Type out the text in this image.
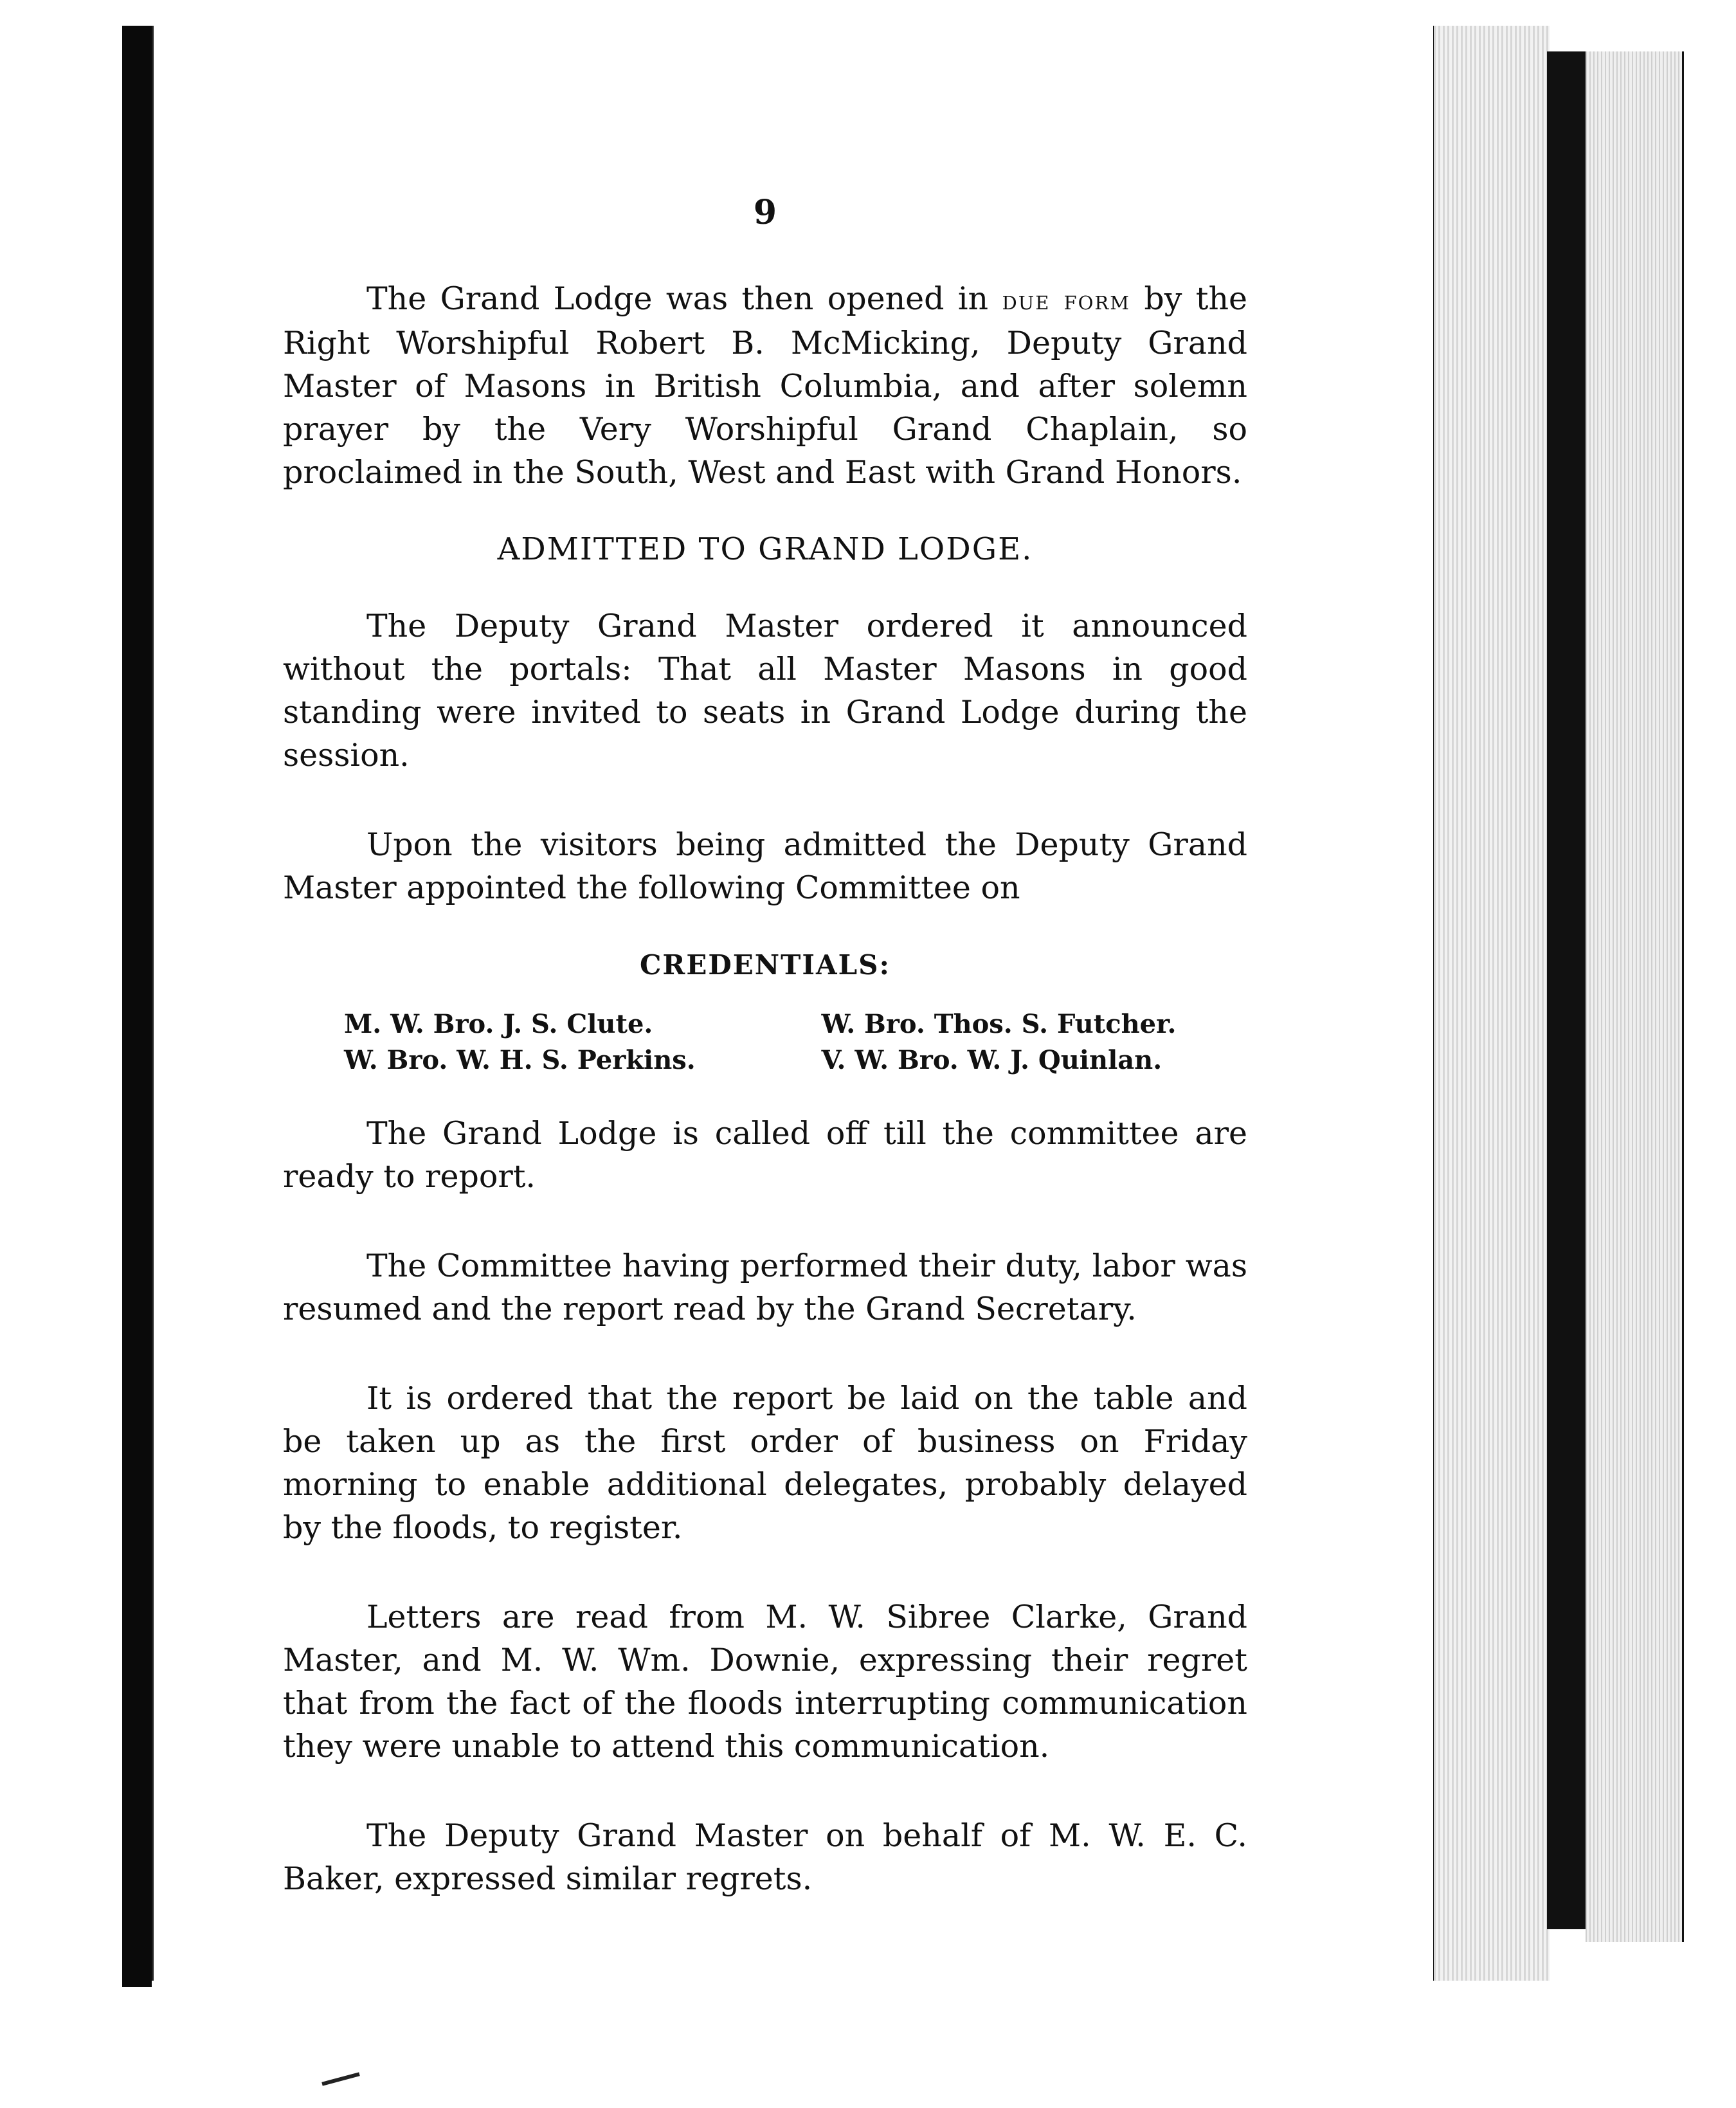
9

The Grand Lodge was then opened in due form by the Right Worshipful Robert B. McMicking, Deputy Grand Master of Masons in British Columbia, and after solemn prayer by the Very Worshipful Grand Chaplain, so proclaimed in the South, West and East with Grand Honors.

ADMITTED TO GRAND LODGE.

The Deputy Grand Master ordered it announced without the portals: That all Master Masons in good standing were invited to seats in Grand Lodge during the session.

Upon the visitors being admitted the Deputy Grand Master appointed the following Committee on

CREDENTIALS:
M. W. Bro. J. S. Clute.	W. Bro. Thos. S. Futcher.
W. Bro. W. H. S. Perkins.	V. W. Bro. W. J. Quinlan.

The Grand Lodge is called off till the committee are ready to report.

The Committee having performed their duty, labor was resumed and the report read by the Grand Secretary.

It is ordered that the report be laid on the table and be taken up as the first order of business on Friday morning to enable additional delegates, probably delayed by the floods, to register.

Letters are read from M. W. Sibree Clarke, Grand Master, and M. W. Wm. Downie, expressing their regret that from the fact of the floods interrupting communication they were unable to attend this communication.

The Deputy Grand Master on behalf of M. W. E. C. Baker, expressed similar regrets.
